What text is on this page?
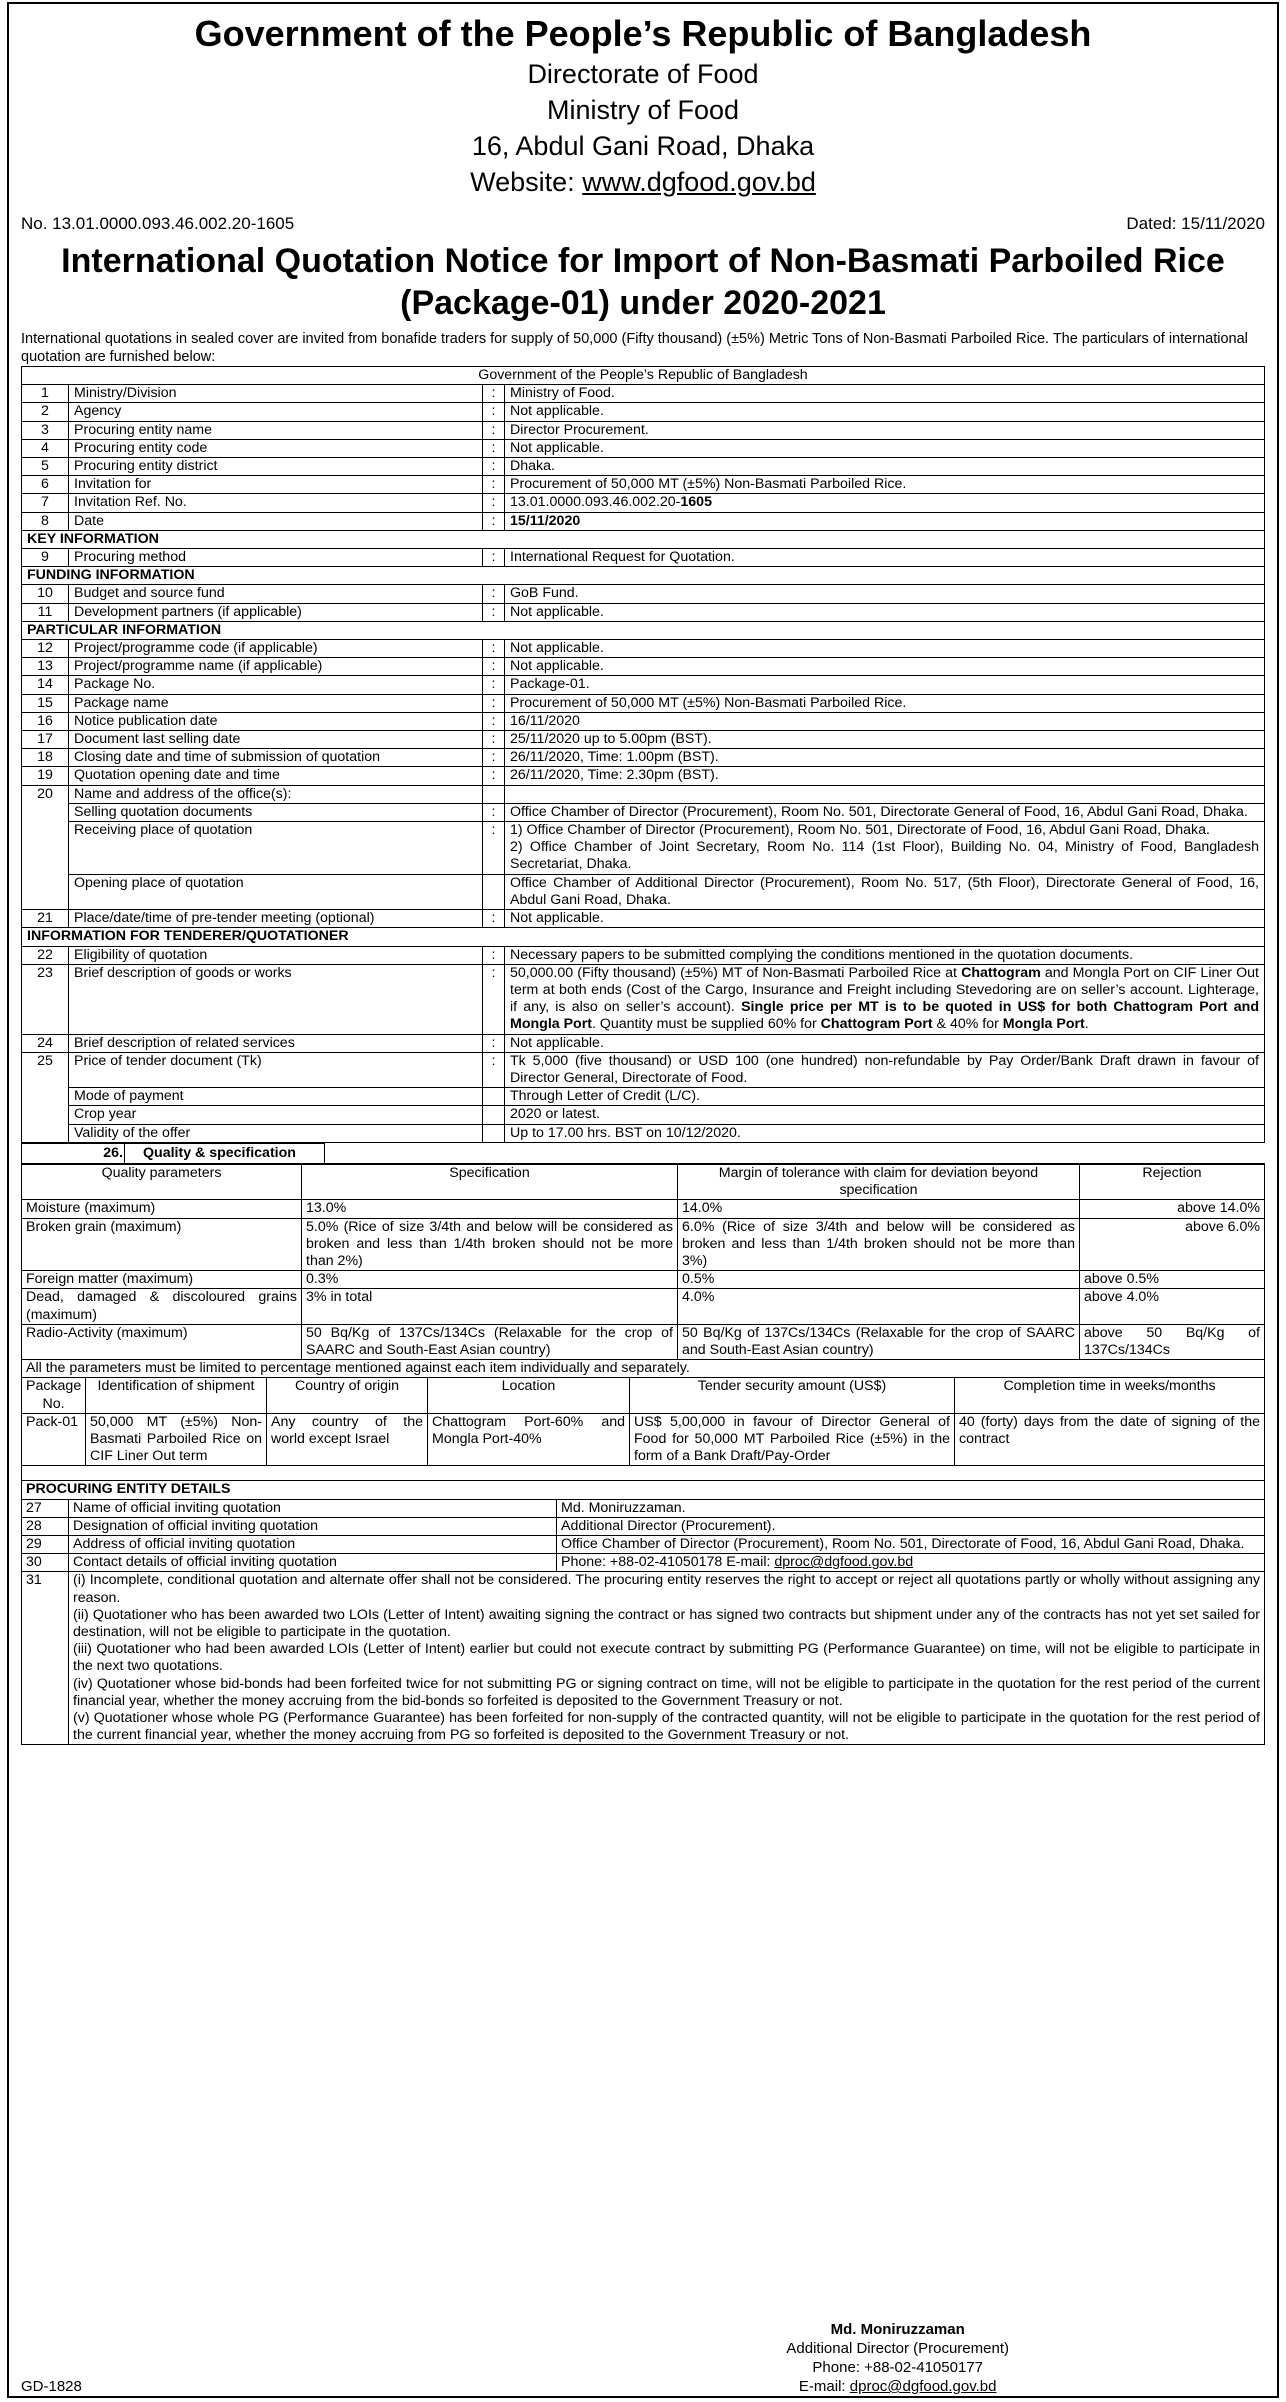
Government of the People’s Republic of Bangladesh
Directorate of Food
Ministry of Food
16, Abdul Gani Road, Dhaka
Website: www.dgfood.gov.bd
No. 13.01.0000.093.46.002.20-1605	Dated: 15/11/2020
International Quotation Notice for Import of Non-Basmati Parboiled Rice
(Package-01) under 2020-2021
International quotations in sealed cover are invited from bonafide traders for supply of 50,000 (Fifty thousand) (±5%) Metric Tons of Non-Basmati Parboiled Rice. The particulars of international quotation are furnished below:
Government of the People’s Republic of Bangladesh			
1	Ministry/Division	:	Ministry of Food.
2	Agency	:	Not applicable.
3	Procuring entity name	:	Director Procurement.
4	Procuring entity code	:	Not applicable.
5	Procuring entity district	:	Dhaka.
6	Invitation for	:	Procurement of 50,000 MT (±5%) Non-Basmati Parboiled Rice.
7	Invitation Ref. No.	:	13.01.0000.093.46.002.20-1605
8	Date	:	15/11/2020
KEY INFORMATION			
9	Procuring method	:	International Request for Quotation.
FUNDING INFORMATION			
10	Budget and source fund	:	GoB Fund.
11	Development partners (if applicable)	:	Not applicable.
PARTICULAR INFORMATION			
12	Project/programme code (if applicable)	:	Not applicable.
13	Project/programme name (if applicable)	:	Not applicable.
14	Package No.	:	Package-01.
15	Package name	:	Procurement of 50,000 MT (±5%) Non-Basmati Parboiled Rice.
16	Notice publication date	:	16/11/2020
17	Document last selling date	:	25/11/2020 up to 5.00pm (BST).
18	Closing date and time of submission of quotation	:	26/11/2020, Time: 1.00pm (BST).
19	Quotation opening date and time	:	26/11/2020, Time: 2.30pm (BST).
20	Name and address of the office(s):		
	Selling quotation documents	:	Office Chamber of Director (Procurement), Room No. 501, Directorate General of Food, 16, Abdul Gani Road, Dhaka.
	Receiving place of quotation	:	1) Office Chamber of Director (Procurement), Room No. 501, Directorate of Food, 16, Abdul Gani Road, Dhaka.
2) Office Chamber of Joint Secretary, Room No. 114 (1st Floor), Building No. 04, Ministry of Food, Bangladesh Secretariat, Dhaka.

	Opening place of quotation		Office Chamber of Additional Director (Procurement), Room No. 517, (5th Floor), Directorate General of Food, 16, Abdul Gani Road, Dhaka.
21	Place/date/time of pre-tender meeting (optional)	:	Not applicable.
INFORMATION FOR TENDERER/QUOTATIONER			
22	Eligibility of quotation	:	Necessary papers to be submitted complying the conditions mentioned in the quotation documents.
23	Brief description of goods or works	:	50,000.00 (Fifty thousand) (±5%) MT of Non-Basmati Parboiled Rice at Chattogram and Mongla Port on CIF Liner Out term at both ends (Cost of the Cargo, Insurance and Freight including Stevedoring are on seller’s account. Lighterage, if any, is also on seller’s account). Single price per MT is to be quoted in US$ for both Chattogram Port and Mongla Port. Quantity must be supplied 60% for Chattogram Port & 40% for Mongla Port.
24	Brief description of related services	:	Not applicable.
25	Price of tender document (Tk)	:	Tk 5,000 (five thousand) or USD 100 (one hundred) non-refundable by Pay Order/Bank Draft drawn in favour of Director General, Directorate of Food.
	Mode of payment		Through Letter of Credit (L/C).
	Crop year		2020 or latest.
	Validity of the offer		Up to 17.00 hrs. BST on 10/12/2020.
26.	Quality & specification	
Quality parameters	Specification	Margin of tolerance with claim for deviation beyond specification	Rejection
Moisture (maximum)	13.0%	14.0%	above 14.0%
Broken grain (maximum)	5.0% (Rice of size 3/4th and below will be considered as broken and less than 1/4th broken should not be more than 2%)	6.0% (Rice of size 3/4th and below will be considered as broken and less than 1/4th broken should not be more than 3%)	above 6.0%
Foreign matter (maximum)	0.3%	0.5%	above 0.5%
Dead, damaged & discoloured grains (maximum)	3% in total	4.0%	above 4.0%
Radio-Activity (maximum)	50 Bq/Kg of 137Cs/134Cs (Relaxable for the crop of SAARC and South-East Asian country)	50 Bq/Kg of 137Cs/134Cs (Relaxable for the crop of SAARC and South-East Asian country)	above 50 Bq/Kg of 137Cs/134Cs
All the parameters must be limited to percentage mentioned against each item individually and separately.
Package No.	Identification of shipment	Country of origin	Location	Tender security amount (US$)	Completion time in weeks/months
Pack-01	50,000 MT (±5%) Non-Basmati Parboiled Rice on CIF Liner Out term	Any country of the world except Israel	Chattogram Port-60% and Mongla Port-40%	US$ 5,00,000 in favour of Director General of Food for 50,000 MT Parboiled Rice (±5%) in the form of a Bank Draft/Pay-Order	40 (forty) days from the date of signing of the contract

PROCURING ENTITY DETAILS		
27	Name of official inviting quotation	Md. Moniruzzaman.
28	Designation of official inviting quotation	Additional Director (Procurement).
29	Address of official inviting quotation	Office Chamber of Director (Procurement), Room No. 501, Directorate of Food, 16, Abdul Gani Road, Dhaka.
30	Contact details of official inviting quotation	Phone: +88-02-41050178 E-mail: dproc@dgfood.gov.bd
31	(i) Incomplete, conditional quotation and alternate offer shall not be considered. The procuring entity reserves the right to accept or reject all quotations partly or wholly without assigning any reason.
(ii) Quotationer who has been awarded two LOIs (Letter of Intent) awaiting signing the contract or has signed two contracts but shipment under any of the contracts has not yet set sailed for destination, will not be eligible to participate in the quotation.
(iii) Quotationer who had been awarded LOIs (Letter of Intent) earlier but could not execute contract by submitting PG (Performance Guarantee) on time, will not be eligible to participate in the next two quotations.
(iv) Quotationer whose bid-bonds had been forfeited twice for not submitting PG or signing contract on time, will not be eligible to participate in the quotation for the rest period of the current financial year, whether the money accruing from the bid-bonds so forfeited is deposited to the Government Treasury or not.
(v) Quotationer whose whole PG (Performance Guarantee) has been forfeited for non-supply of the contracted quantity, will not be eligible to participate in the quotation for the rest period of the current financial year, whether the money accruing from PG so forfeited is deposited to the Government Treasury or not.	
Md. Moniruzzaman
Additional Director (Procurement)
Phone: +88-02-41050177
E-mail: dproc@dgfood.gov.bd
GD-1828
